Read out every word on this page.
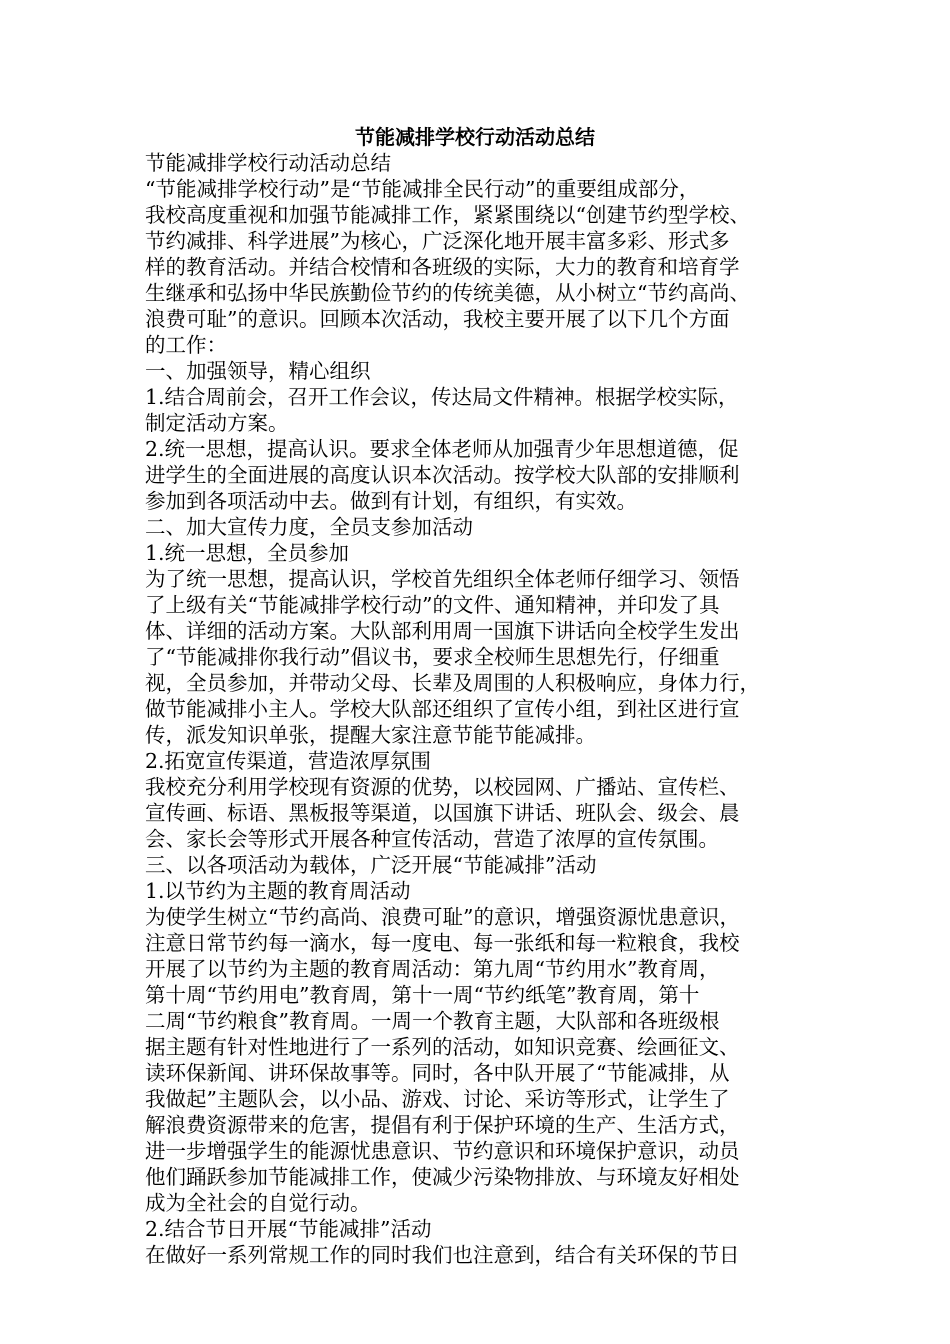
节能减排学校行动活动总结
节能减排学校行动活动总结
“节能减排学校行动”是“节能减排全民行动”的重要组成部分，
我校高度重视和加强节能减排工作，紧紧围绕以“创建节约型学校、
节约减排、科学进展”为核心，广泛深化地开展丰富多彩、形式多
样的教育活动。并结合校情和各班级的实际，大力的教育和培育学
生继承和弘扬中华民族勤俭节约的传统美德，从小树立“节约高尚、
浪费可耻”的意识。回顾本次活动，我校主要开展了以下几个方面
的工作：
一、加强领导，精心组织
1.结合周前会，召开工作会议，传达局文件精神。根据学校实际，
制定活动方案。
2.统一思想，提高认识。要求全体老师从加强青少年思想道德，促
进学生的全面进展的高度认识本次活动。按学校大队部的安排顺利
参加到各项活动中去。做到有计划，有组织，有实效。
二、加大宣传力度，全员支参加活动
1.统一思想，全员参加
为了统一思想，提高认识，学校首先组织全体老师仔细学习、领悟
了上级有关“节能减排学校行动”的文件、通知精神，并印发了具
体、详细的活动方案。大队部利用周一国旗下讲话向全校学生发出
了“节能减排你我行动”倡议书，要求全校师生思想先行，仔细重
视，全员参加，并带动父母、长辈及周围的人积极响应，身体力行，
做节能减排小主人。学校大队部还组织了宣传小组，到社区进行宣
传，派发知识单张，提醒大家注意节能节能减排。
2.拓宽宣传渠道，营造浓厚氛围
我校充分利用学校现有资源的优势，以校园网、广播站、宣传栏、
宣传画、标语、黑板报等渠道，以国旗下讲话、班队会、级会、晨
会、家长会等形式开展各种宣传活动，营造了浓厚的宣传氛围。
三、以各项活动为载体，广泛开展“节能减排”活动
1.以节约为主题的教育周活动
为使学生树立“节约高尚、浪费可耻”的意识，增强资源忧患意识，
注意日常节约每一滴水，每一度电、每一张纸和每一粒粮食，我校
开展了以节约为主题的教育周活动：第九周“节约用水”教育周，
第十周“节约用电”教育周，第十一周“节约纸笔”教育周，第十
二周“节约粮食”教育周。一周一个教育主题，大队部和各班级根
据主题有针对性地进行了一系列的活动，如知识竞赛、绘画征文、
读环保新闻、讲环保故事等。同时，各中队开展了“节能减排，从
我做起”主题队会，以小品、游戏、讨论、采访等形式，让学生了
解浪费资源带来的危害，提倡有利于保护环境的生产、生活方式，
进一步增强学生的能源忧患意识、节约意识和环境保护意识，动员
他们踊跃参加节能减排工作，使减少污染物排放、与环境友好相处
成为全社会的自觉行动。
2.结合节日开展“节能减排”活动
在做好一系列常规工作的同时我们也注意到，结合有关环保的节日
